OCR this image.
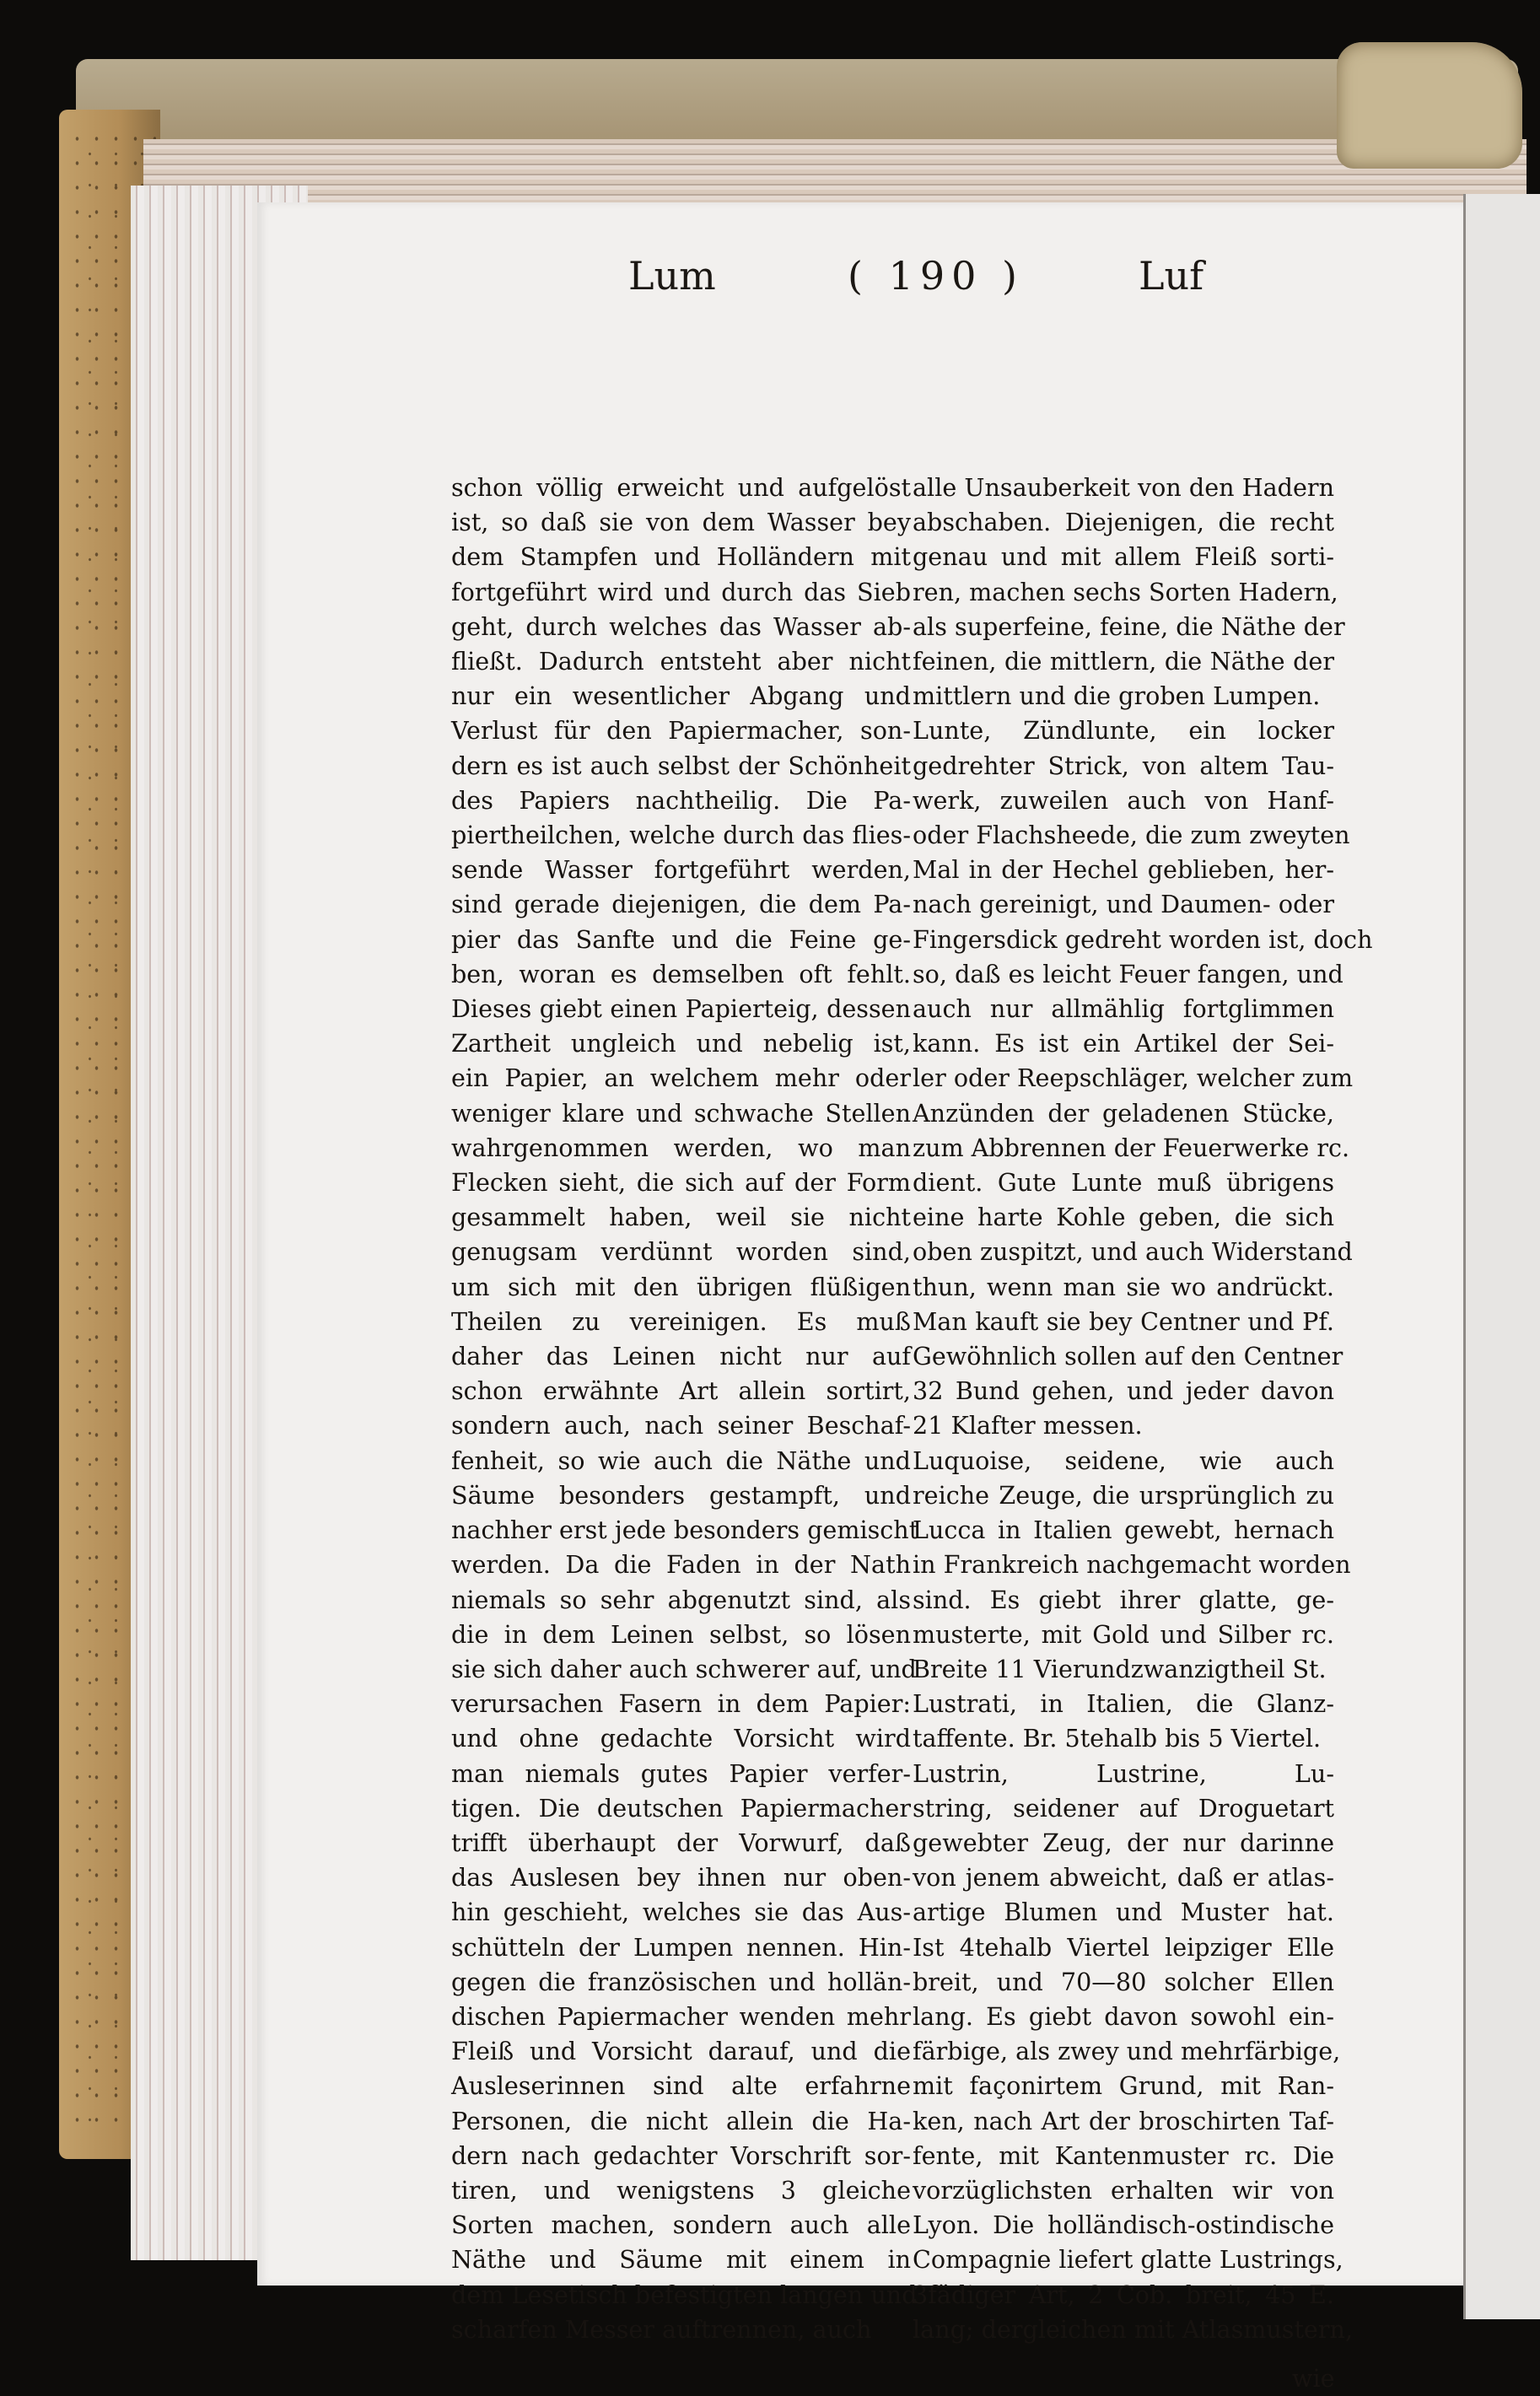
Lum	( 190 )	Luf

schon völlig erweicht und aufgelöst

ist, so daß sie von dem Wasser bey

dem Stampfen und Holländern mit

fortgeführt wird und durch das Sieb

geht, durch welches das Wasser ab-

fließt. Dadurch entsteht aber nicht

nur ein wesentlicher Abgang und

Verlust für den Papiermacher, son-

dern es ist auch selbst der Schönheit

des Papiers nachtheilig. Die Pa-

piertheilchen, welche durch das flies-

sende Wasser fortgeführt werden,

sind gerade diejenigen, die dem Pa-

pier das Sanfte und die Feine ge-

ben, woran es demselben oft fehlt.

Dieses giebt einen Papierteig, dessen

Zartheit ungleich und nebelig ist,

ein Papier, an welchem mehr oder

weniger klare und schwache Stellen

wahrgenommen werden, wo man

Flecken sieht, die sich auf der Form

gesammelt haben, weil sie nicht

genugsam verdünnt worden sind,

um sich mit den übrigen flüßigen

Theilen zu vereinigen. Es muß

daher das Leinen nicht nur auf

schon erwähnte Art allein sortirt,

sondern auch, nach seiner Beschaf-

fenheit, so wie auch die Näthe und

Säume besonders gestampft, und

nachher erst jede besonders gemischt

werden. Da die Faden in der Nath

niemals so sehr abgenutzt sind, als

die in dem Leinen selbst, so lösen

sie sich daher auch schwerer auf, und

verursachen Fasern in dem Papier:

und ohne gedachte Vorsicht wird

man niemals gutes Papier verfer-

tigen. Die deutschen Papiermacher

trifft überhaupt der Vorwurf, daß

das Auslesen bey ihnen nur oben-

hin geschieht, welches sie das Aus-

schütteln der Lumpen nennen. Hin-

gegen die französischen und hollän-

dischen Papiermacher wenden mehr

Fleiß und Vorsicht darauf, und die

Ausleserinnen sind alte erfahrne

Personen, die nicht allein die Ha-

dern nach gedachter Vorschrift sor-

tiren, und wenigstens 3 gleiche

Sorten machen, sondern auch alle

Näthe und Säume mit einem in

dem Lesetisch befestigten langen und

scharfen Messer auftrennen, auch

alle Unsauberkeit von den Hadern

abschaben. Diejenigen, die recht

genau und mit allem Fleiß sorti-

ren, machen sechs Sorten Hadern,

als superfeine, feine, die Näthe der

feinen, die mittlern, die Näthe der

mittlern und die groben Lumpen.

Lunte, Zündlunte, ein locker

gedrehter Strick, von altem Tau-

werk, zuweilen auch von Hanf-

oder Flachsheede, die zum zweyten

Mal in der Hechel geblieben, her-

nach gereinigt, und Daumen- oder

Fingersdick gedreht worden ist, doch

so, daß es leicht Feuer fangen, und

auch nur allmählig fortglimmen

kann. Es ist ein Artikel der Sei-

ler oder Reepschläger, welcher zum

Anzünden der geladenen Stücke,

zum Abbrennen der Feuerwerke rc.

dient. Gute Lunte muß übrigens

eine harte Kohle geben, die sich

oben zuspitzt, und auch Widerstand

thun, wenn man sie wo andrückt.

Man kauft sie bey Centner und Pf.

Gewöhnlich sollen auf den Centner

32 Bund gehen, und jeder davon

21 Klafter messen.

Luquoise, seidene, wie auch

reiche Zeuge, die ursprünglich zu

Lucca in Italien gewebt, hernach

in Frankreich nachgemacht worden

sind. Es giebt ihrer glatte, ge-

musterte, mit Gold und Silber rc.

Breite 11 Vierundzwanzigtheil St.

Lustrati, in Italien, die Glanz-

taffente. Br. 5tehalb bis 5 Viertel.

Lustrin, Lustrine, Lu-

string, seidener auf Droguetart

gewebter Zeug, der nur darinne

von jenem abweicht, daß er atlas-

artige Blumen und Muster hat.

Ist 4tehalb Viertel leipziger Elle

breit, und 70—80 solcher Ellen

lang. Es giebt davon sowohl ein-

färbige, als zwey und mehrfärbige,

mit façonirtem Grund, mit Ran-

ken, nach Art der broschirten Taf-

fente, mit Kantenmuster rc. Die

vorzüglichsten erhalten wir von

Lyon. Die holländisch-ostindische

Compagnie liefert glatte Lustrings,

3fädiger Art, 2 Cob. breit, 45 E.

lang; dergleichen mit Atlasmustern,

wie
